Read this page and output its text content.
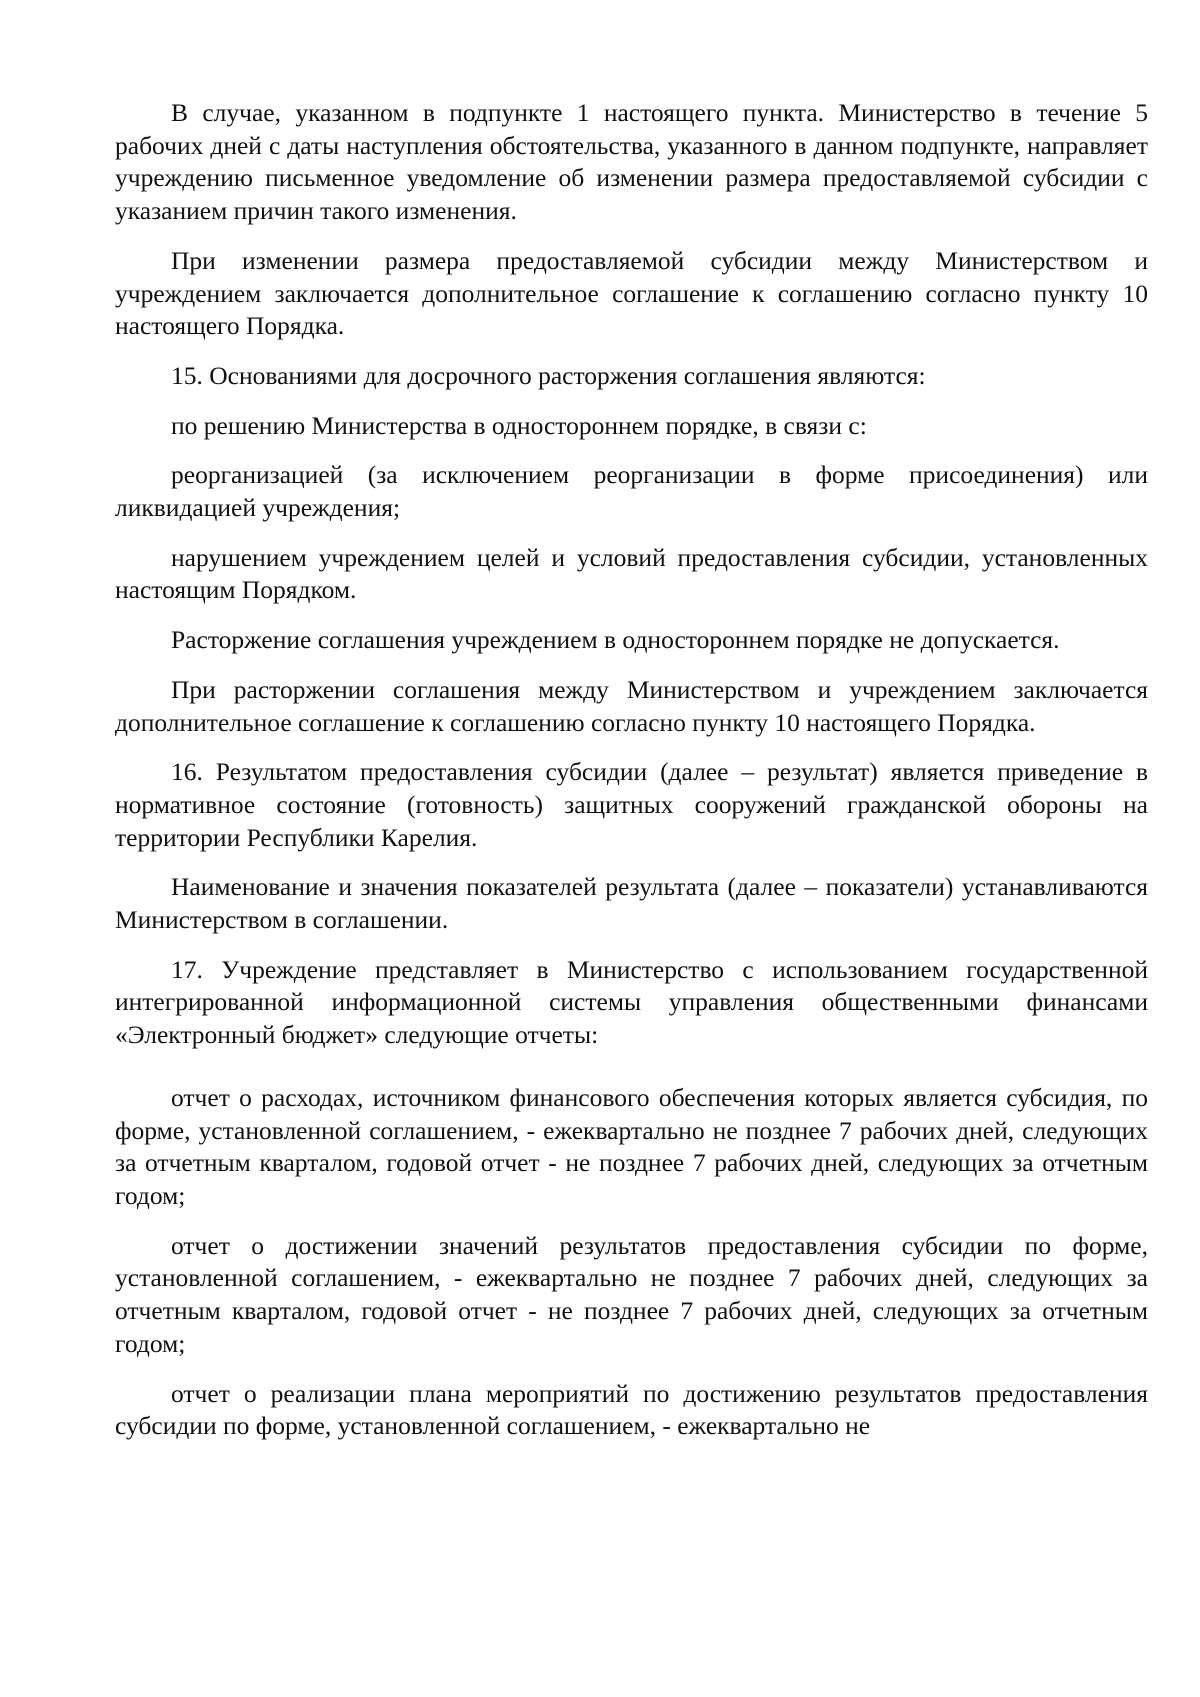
В случае, указанном в подпункте 1 настоящего пункта. Министерство в течение 5 рабочих дней с даты наступления обстоятельства, указанного в данном подпункте, направляет учреждению письменное уведомление об изменении размера предоставляемой субсидии с указанием причин такого изменения.

При изменении размера предоставляемой субсидии между Министерством и учреждением заключается дополнительное соглашение к соглашению согласно пункту 10 настоящего Порядка.

15. Основаниями для досрочного расторжения соглашения являются:

по решению Министерства в одностороннем порядке, в связи с:

реорганизацией (за исключением реорганизации в форме присоединения) или ликвидацией учреждения;

нарушением учреждением целей и условий предоставления субсидии, установленных настоящим Порядком.

Расторжение соглашения учреждением в одностороннем порядке не допускается.

При расторжении соглашения между Министерством и учреждением заключается дополнительное соглашение к соглашению согласно пункту 10 настоящего Порядка.

16. Результатом предоставления субсидии (далее – результат) является приведение в нормативное состояние (готовность) защитных сооружений гражданской обороны на территории Республики Карелия.

Наименование и значения показателей результата (далее – показатели) устанавливаются Министерством в соглашении.

17. Учреждение представляет в Министерство с использованием государственной интегрированной информационной системы управления общественными финансами «Электронный бюджет» следующие отчеты:

отчет о расходах, источником финансового обеспечения которых является субсидия, по форме, установленной соглашением, - ежеквартально не позднее 7 рабочих дней, следующих за отчетным кварталом, годовой отчет - не позднее 7 рабочих дней, следующих за отчетным годом;

отчет о достижении значений результатов предоставления субсидии по форме, установленной соглашением, - ежеквартально не позднее 7 рабочих дней, следующих за отчетным кварталом, годовой отчет - не позднее 7 рабочих дней, следующих за отчетным годом;

отчет о реализации плана мероприятий по достижению результатов предоставления субсидии по форме, установленной соглашением, - ежеквартально не
